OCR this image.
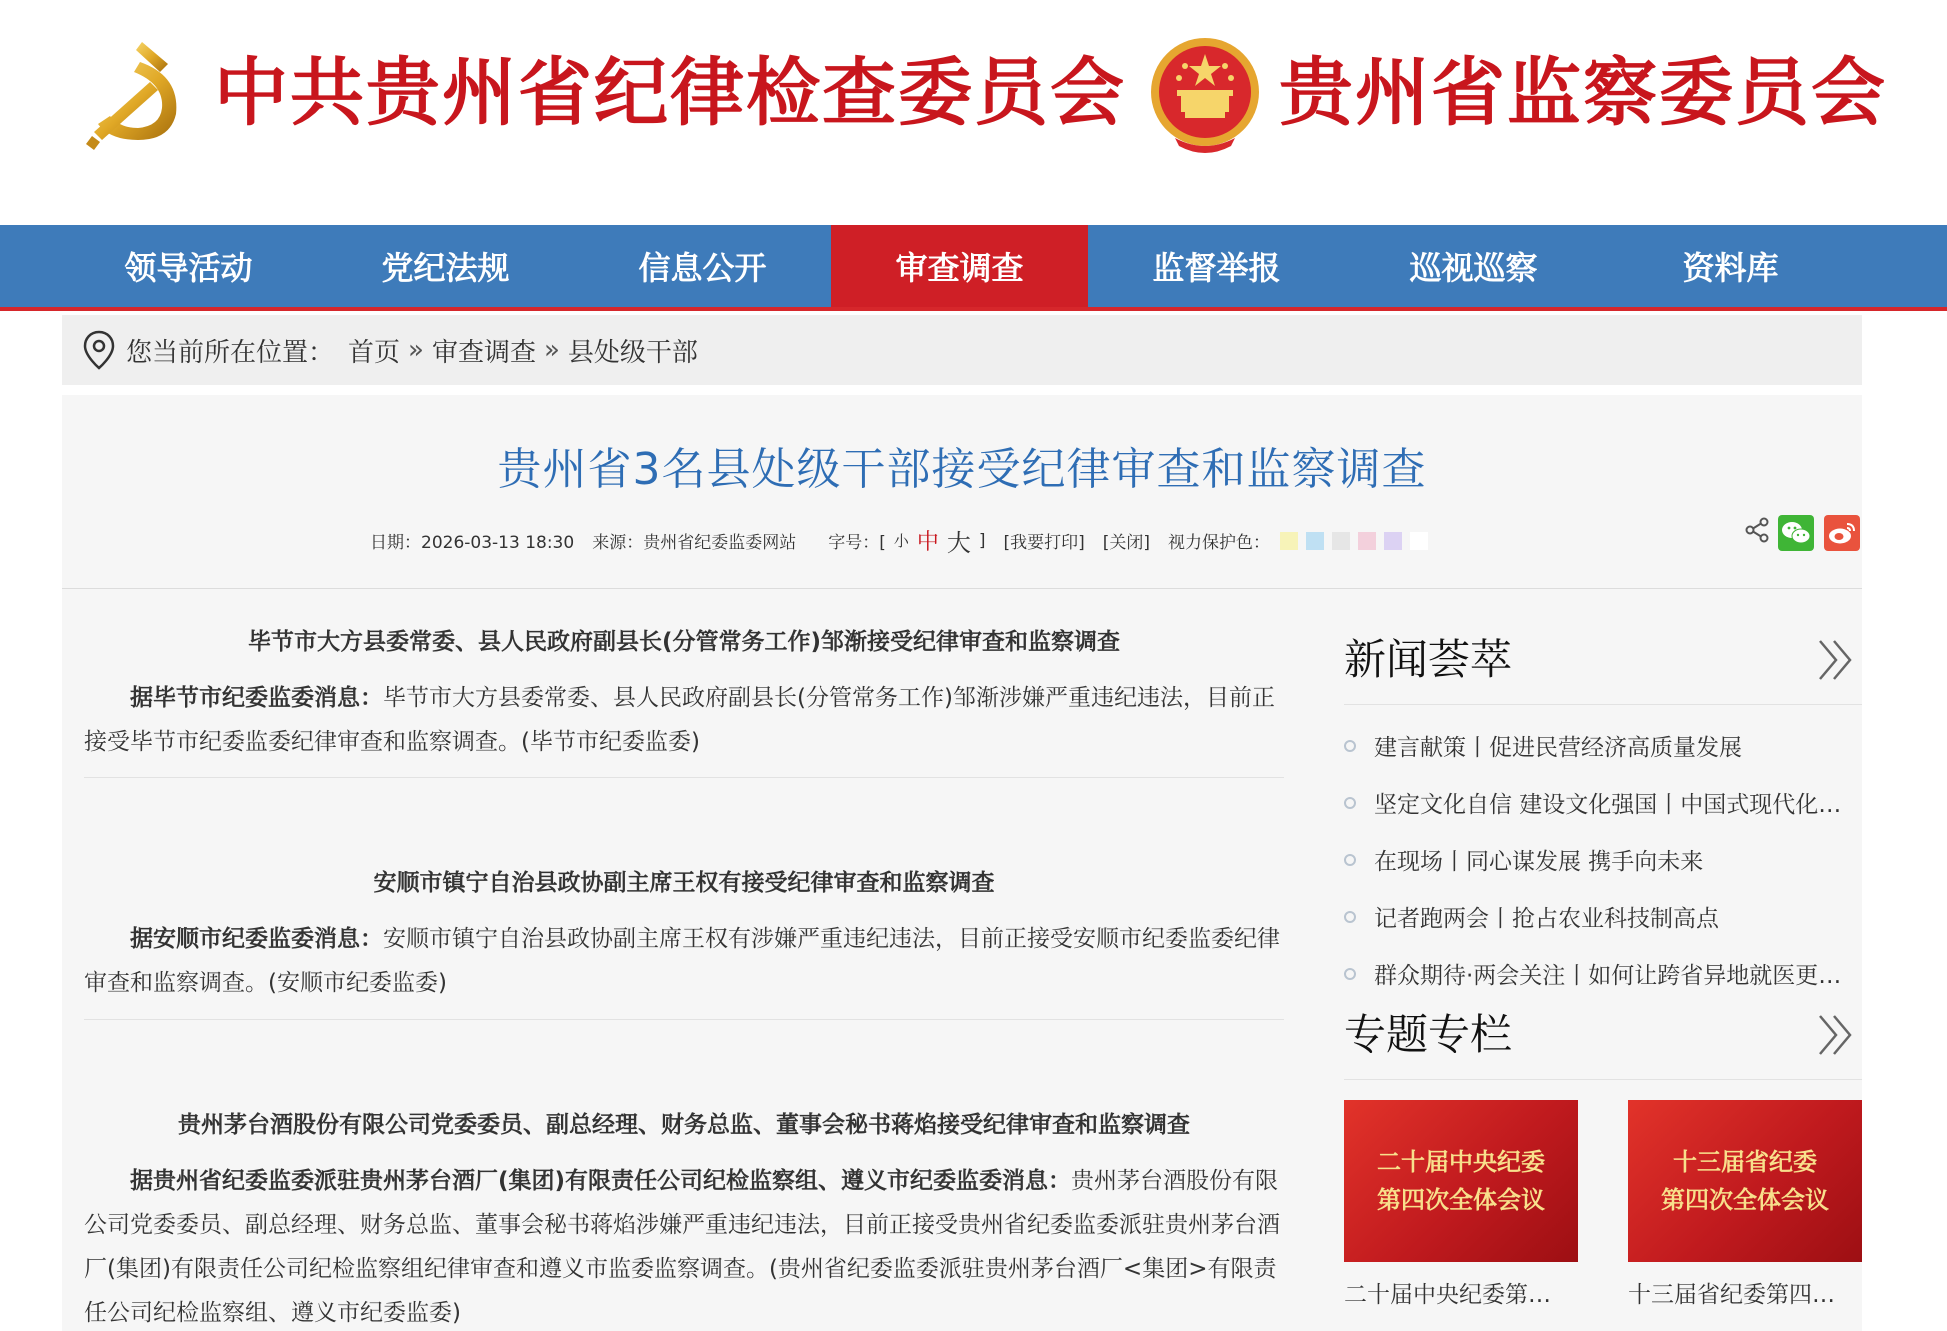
中共贵州省纪律检查委员会 贵州省监察委员会
领导活动	党纪法规	信息公开	审查调查	监督举报	巡视巡察	资料库
您当前所在位置： 首页 » 审查调查 » 县处级干部
贵州省3名县处级干部接受纪律审查和监察调查
日期：2026-03-13 18:30 来源：贵州省纪委监委网站 字号：[ 小 中 大 ] [我要打印] [关闭] 视力保护色：
毕节市大方县委常委、县人民政府副县长(分管常务工作)邹渐接受纪律审查和监察调查
据毕节市纪委监委消息：毕节市大方县委常委、县人民政府副县长(分管常务工作)邹渐涉嫌严重违纪违法，目前正接受毕节市纪委监委纪律审查和监察调查。(毕节市纪委监委)
安顺市镇宁自治县政协副主席王权有接受纪律审查和监察调查
据安顺市纪委监委消息：安顺市镇宁自治县政协副主席王权有涉嫌严重违纪违法，目前正接受安顺市纪委监委纪律审查和监察调查。(安顺市纪委监委)
贵州茅台酒股份有限公司党委委员、副总经理、财务总监、董事会秘书蒋焰接受纪律审查和监察调查
据贵州省纪委监委派驻贵州茅台酒厂(集团)有限责任公司纪检监察组、遵义市纪委监委消息：贵州茅台酒股份有限公司党委委员、副总经理、财务总监、董事会秘书蒋焰涉嫌严重违纪违法，目前正接受贵州省纪委监委派驻贵州茅台酒厂(集团)有限责任公司纪检监察组纪律审查和遵义市监委监察调查。(贵州省纪委监委派驻贵州茅台酒厂<集团>有限责任公司纪检监察组、遵义市纪委监委)
新闻荟萃
建言献策丨促进民营经济高质量发展
坚定文化自信 建设文化强国丨中国式现代化…
在现场丨同心谋发展 携手向未来
记者跑两会丨抢占农业科技制高点
群众期待·两会关注丨如何让跨省异地就医更…
专题专栏
二十届中央纪委
第四次全体会议
二十届中央纪委第…
十三届省纪委
第四次全体会议
十三届省纪委第四…
